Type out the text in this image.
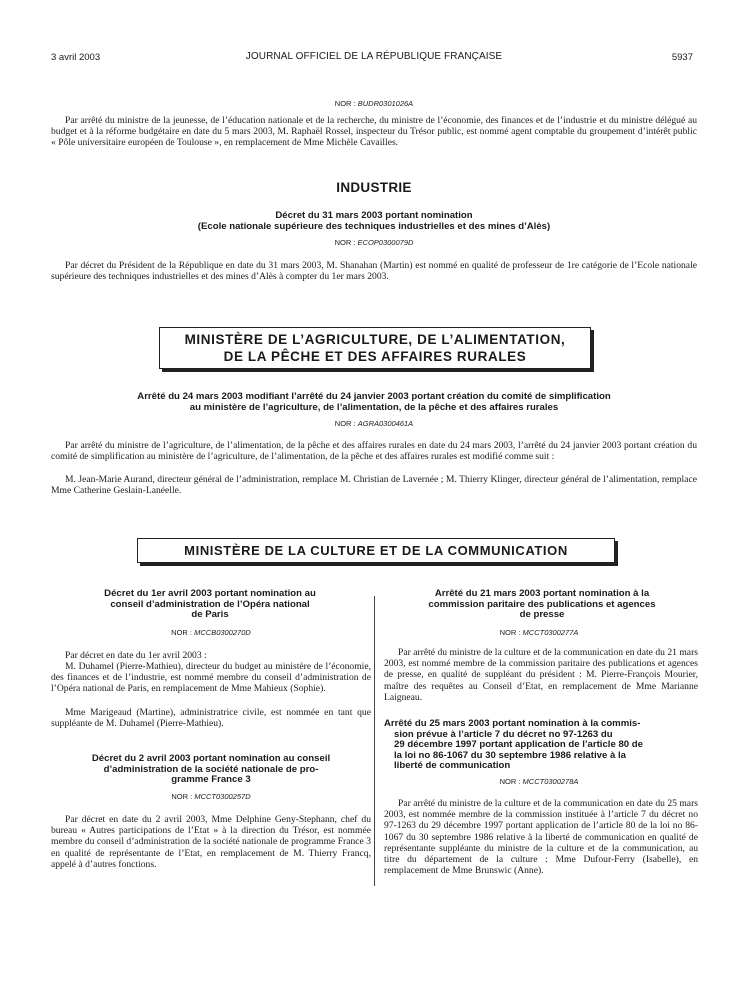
3 avril 2003	JOURNAL OFFICIEL DE LA RÉPUBLIQUE FRANÇAISE	5937
NOR : BUDR0301026A

Par arrêté du ministre de la jeunesse, de l’éducation nationale et de la recherche, du ministre de l’économie, des finances et de l’industrie et du ministre délégué au budget et à la réforme budgétaire en date du 5 mars 2003, M. Raphaël Rossel, inspecteur du Trésor public, est nommé agent comptable du groupement d’intérêt public « Pôle universitaire européen de Toulouse », en remplacement de Mme Michèle Cavailles.

INDUSTRIE
Décret du 31 mars 2003 portant nomination
(Ecole nationale supérieure des techniques industrielles et des mines d’Alès)
NOR : ECOP0300079D

Par décret du Président de la République en date du 31 mars 2003, M. Shanahan (Martin) est nommé en qualité de professeur de 1re catégorie de l’Ecole nationale supérieure des techniques industrielles et des mines d’Alès à compter du 1er mars 2003.

MINISTÈRE DE L’AGRICULTURE, DE L’ALIMENTATION,
DE LA PÊCHE ET DES AFFAIRES RURALES
Arrêté du 24 mars 2003 modifiant l’arrêté du 24 janvier 2003 portant création du comité de simplification
au ministère de l’agriculture, de l’alimentation, de la pêche et des affaires rurales
NOR : AGRA0300461A

Par arrêté du ministre de l’agriculture, de l’alimentation, de la pêche et des affaires rurales en date du 24 mars 2003, l’arrêté du 24 janvier 2003 portant création du comité de simplification au ministère de l’agriculture, de l’alimentation, de la pêche et des affaires rurales est modifié comme suit :

M. Jean-Marie Aurand, directeur général de l’administration, remplace M. Christian de Lavernée ; M. Thierry Klinger, directeur général de l’alimentation, remplace Mme Catherine Geslain-Lanéelle.

MINISTÈRE DE LA CULTURE ET DE LA COMMUNICATION
Décret du 1er avril 2003 portant nomination au
conseil d’administration de l’Opéra national
de Paris
NOR : MCCB0300270D

Par décret en date du 1er avril 2003 :

M. Duhamel (Pierre-Mathieu), directeur du budget au ministère de l’économie, des finances et de l’industrie, est nommé membre du conseil d’administration de l’Opéra national de Paris, en remplacement de Mme Mahieux (Sophie).

Mme Marigeaud (Martine), administratrice civile, est nommée en tant que suppléante de M. Duhamel (Pierre-Mathieu).

Décret du 2 avril 2003 portant nomination au conseil
d’administration de la société nationale de pro-
gramme France 3
NOR : MCCT0300257D

Par décret en date du 2 avril 2003, Mme Delphine Geny-Stephann, chef du bureau « Autres participations de l’Etat » à la direction du Trésor, est nommée membre du conseil d’administration de la société nationale de programme France 3 en qualité de représentante de l’Etat, en remplacement de M. Thierry Francq, appelé à d’autres fonctions.

Arrêté du 21 mars 2003 portant nomination à la
commission paritaire des publications et agences
de presse
NOR : MCCT0300277A

Par arrêté du ministre de la culture et de la communication en date du 21 mars 2003, est nommé membre de la commission paritaire des publications et agences de presse, en qualité de suppléant du président : M. Pierre-François Mourier, maître des requêtes au Conseil d’Etat, en remplacement de Mme Marianne Laigneau.

Arrêté du 25 mars 2003 portant nomination à la commis-
sion prévue à l’article 7 du décret no 97-1263 du
29 décembre 1997 portant application de l’article 80 de
la loi no 86-1067 du 30 septembre 1986 relative à la
liberté de communication
NOR : MCCT0300278A

Par arrêté du ministre de la culture et de la communication en date du 25 mars 2003, est nommée membre de la commission instituée à l’article 7 du décret no 97-1263 du 29 décembre 1997 portant application de l’article 80 de la loi no 86-1067 du 30 septembre 1986 relative à la liberté de communication en qualité de représentante suppléante du ministre de la culture et de la communication, au titre du département de la culture : Mme Dufour-Ferry (Isabelle), en remplacement de Mme Brunswic (Anne).
